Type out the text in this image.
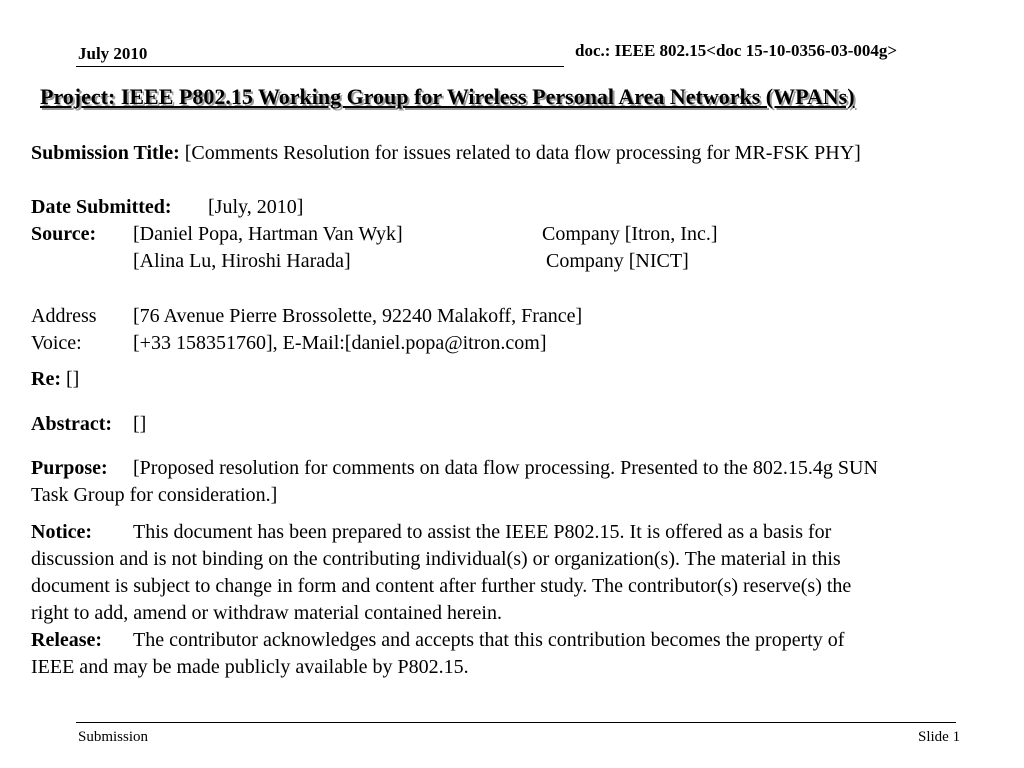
July 2010	doc.: IEEE 802.15<doc 15-10-0356-03-004g>
Project: IEEE P802.15 Working Group for Wireless Personal Area Networks (WPANs)
Submission Title: [Comments Resolution for issues related to data flow processing for MR-FSK PHY]
Date Submitted: [July, 2010]
Source: [Daniel Popa, Hartman Van Wyk]	Company [Itron, Inc.]
[Alina Lu, Hiroshi Harada]	Company [NICT]
Address [76 Avenue Pierre Brossolette, 92240 Malakoff, France]
Voice:	[+33 158351760], E-Mail:[daniel.popa@itron.com]
Re: []
Abstract: []
Purpose: [Proposed resolution for comments on data flow processing. Presented to the 802.15.4g SUN
Task Group for consideration.]
Notice: This document has been prepared to assist the IEEE P802.15. It is offered as a basis for
discussion and is not binding on the contributing individual(s) or organization(s). The material in this
document is subject to change in form and content after further study. The contributor(s) reserve(s) the
right to add, amend or withdraw material contained herein.
Release: The contributor acknowledges and accepts that this contribution becomes the property of
IEEE and may be made publicly available by P802.15.
Submission	Slide 1
